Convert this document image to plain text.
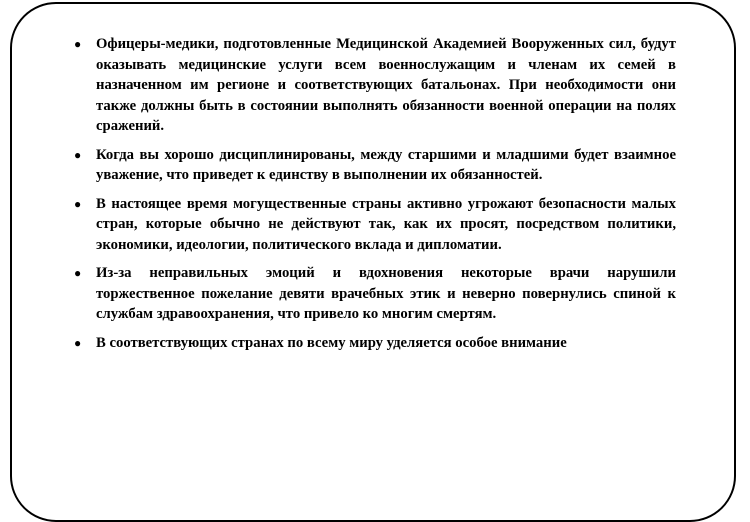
● Офицеры-медики, подготовленные Медицинской Академией Вооруженных сил, будут оказывать медицинские услуги всем военнослужащим и членам их семей в назначенном им регионе и соответствующих батальонах. При необходимости они также должны быть в состоянии выполнять обязанности военной операции на полях сражений.
● Когда вы хорошо дисциплинированы, между старшими и младшими будет взаимное уважение, что приведет к единству в выполнении их обязанностей.
● В настоящее время могущественные страны активно угрожают безопасности малых стран, которые обычно не действуют так, как их просят, посредством политики, экономики, идеологии, политического вклада и дипломатии.
● Из-за неправильных эмоций и вдохновения некоторые врачи нарушили торжественное пожелание девяти врачебных этик и неверно повернулись спиной к службам здравоохранения, что привело ко многим смертям.
● В соответствующих странах по всему миру уделяется особое внимание
